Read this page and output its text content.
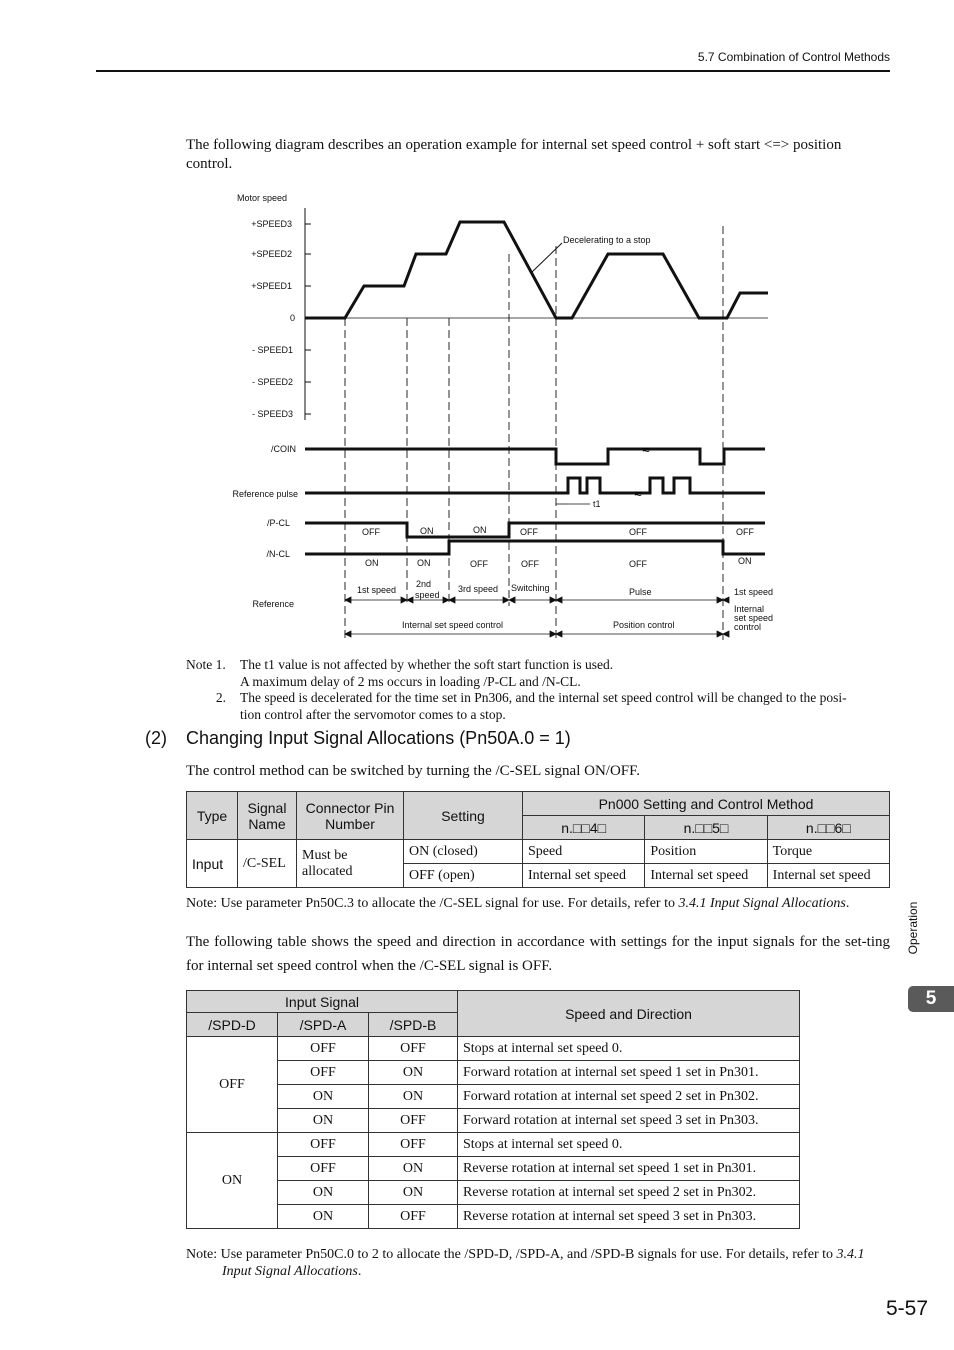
5.7 Combination of Control Methods
The following diagram describes an operation example for internal set speed control + soft start <=> position control.
≈
≈
Motor speed
+SPEED3
+SPEED2
+SPEED1
0
- SPEED1
- SPEED2
- SPEED3
Decelerating to a stop
/COIN
Reference pulse
t1
/P-CL
/N-CL
Reference
OFF	ON	ON	OFF	OFF	OFF
ON	ON	OFF	OFF	OFF	ON
1st speed
2nd
speed
3rd speed Switching	Pulse	1st speed
Internal
set speed
control
Internal set speed control	Position control
Note 1.	The t1 value is not affected by whether the soft start function is used.
A maximum delay of 2 ms occurs in loading /P-CL and /N-CL.
2. The speed is decelerated for the time set in Pn306, and the internal set speed control will be changed to the posi-
tion control after the servomotor comes to a stop.
(2) Changing Input Signal Allocations (Pn50A.0 = 1)
The control method can be switched by turning the /C-SEL signal ON/OFF.
Type	Signal Name	Connector Pin Number	Setting	Pn000 Setting and Control Method		
				n.□□4□	n.□□5□	n.□□6□
Input	/C-SEL	Must be allocated	ON (closed)	Speed	Position	Torque
			OFF (open)	Internal set speed	Internal set speed	Internal set speed
Note: Use parameter Pn50C.3 to allocate the /C-SEL signal for use. For details, refer to 3.4.1 Input Signal Allocations.
The following table shows the speed and direction in accordance with settings for the input signals for the set-ting for internal set speed control when the /C-SEL signal is OFF.
Input Signal			Speed and Direction
/SPD-D	/SPD-A	/SPD-B	
OFF	OFF	OFF	Stops at internal set speed 0.
	OFF	ON	Forward rotation at internal set speed 1 set in Pn301.
	ON	ON	Forward rotation at internal set speed 2 set in Pn302.
	ON	OFF	Forward rotation at internal set speed 3 set in Pn303.
ON	OFF	OFF	Stops at internal set speed 0.
	OFF	ON	Reverse rotation at internal set speed 1 set in Pn301.
	ON	ON	Reverse rotation at internal set speed 2 set in Pn302.
	ON	OFF	Reverse rotation at internal set speed 3 set in Pn303.
Note: Use parameter Pn50C.0 to 2 to allocate the /SPD-D, /SPD-A, and /SPD-B signals for use. For details, refer to 3.4.1
Input Signal Allocations.
Operation
5
5-57
